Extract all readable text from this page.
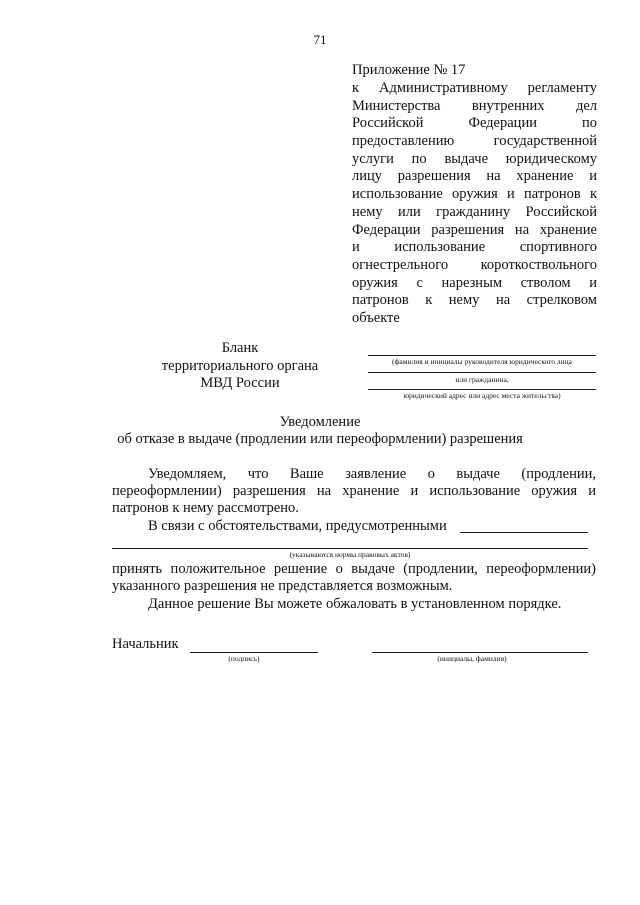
71
Приложение № 17
к Административному регламенту
Министерства внутренних дел
Российской Федерации по
предоставлению государственной
услуги по выдаче юридическому
лицу разрешения на хранение и
использование оружия и патронов к
нему или гражданину Российской
Федерации разрешения на хранение
и использование спортивного
огнестрельного короткоствольного
оружия с нарезным стволом и
патронов к нему на стрелковом
объекте
Бланк
территориального органа
МВД России
(фамилия и инициалы руководителя юридического лица
или гражданина,
юридический адрес или адрес места жительства)
Уведомление
об отказе в выдаче (продлении или переоформлении) разрешения
Уведомляем, что Ваше заявление о выдаче (продлении,
переоформлении) разрешения на хранение и использование оружия и
патронов к нему рассмотрено.
В связи с обстоятельствами, предусмотренными
(указываются нормы правовых актов)
принять положительное решение о выдаче (продлении, переоформлении)
указанного разрешения не представляется возможным.
Данное решение Вы можете обжаловать в установленном порядке.
Начальник
(подпись)	(инициалы, фамилия)
